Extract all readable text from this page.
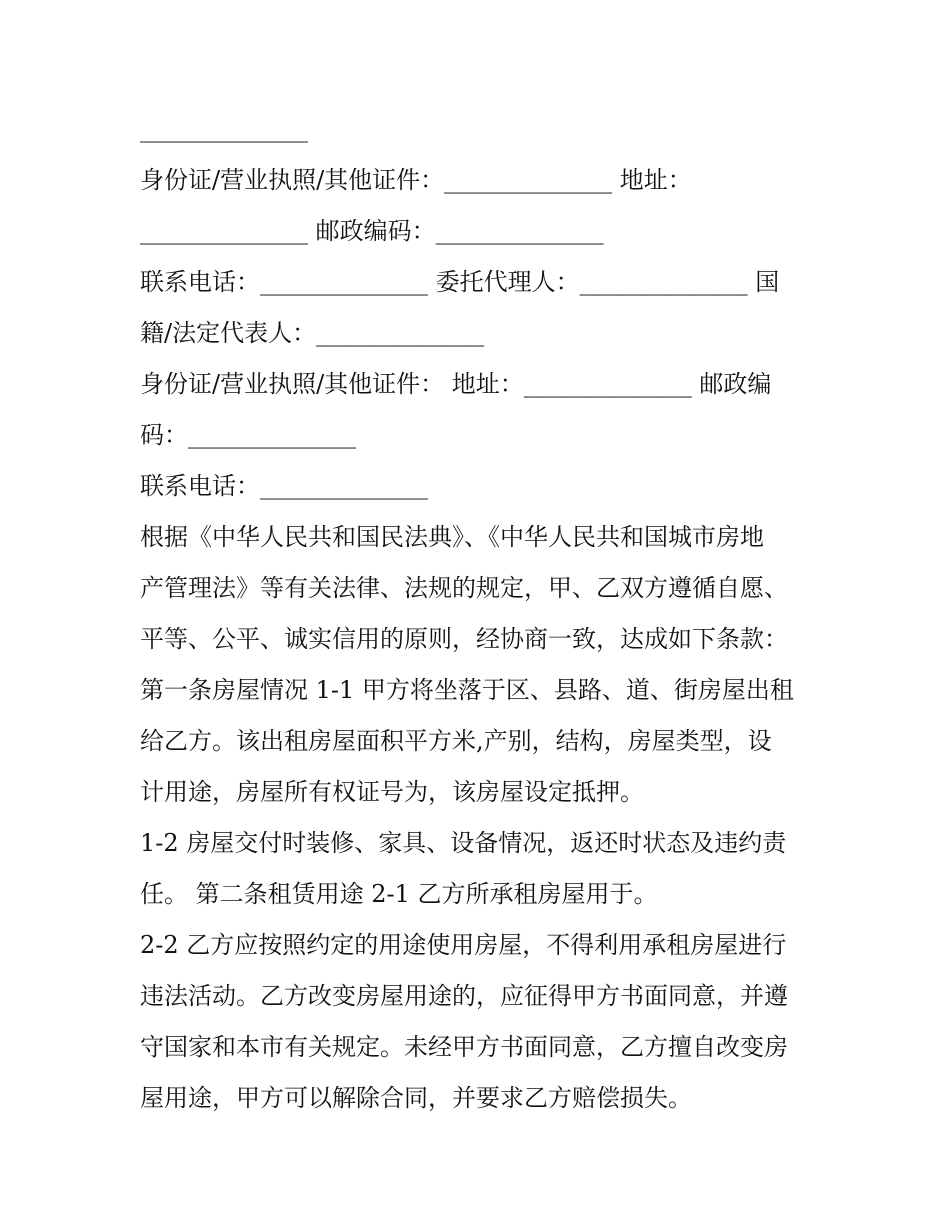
______________
身份证/营业执照/其他证件：______________ 地址：
______________ 邮政编码：______________
联系电话：______________ 委托代理人：______________ 国
籍/法定代表人：______________
身份证/营业执照/其他证件： 地址：______________ 邮政编
码：______________
联系电话：______________
根据《中华人民共和国民法典》、《中华人民共和国城市房地
产管理法》等有关法律、法规的规定，甲、乙双方遵循自愿、
平等、公平、诚实信用的原则，经协商一致，达成如下条款：
第一条房屋情况 1-1 甲方将坐落于区、县路、道、街房屋出租
给乙方。该出租房屋面积平方米,产别，结构，房屋类型，设
计用途，房屋所有权证号为，该房屋设定抵押。
1-2 房屋交付时装修、家具、设备情况，返还时状态及违约责
任。 第二条租赁用途 2-1 乙方所承租房屋用于。
2-2 乙方应按照约定的用途使用房屋，不得利用承租房屋进行
违法活动。乙方改变房屋用途的，应征得甲方书面同意，并遵
守国家和本市有关规定。未经甲方书面同意，乙方擅自改变房
屋用途，甲方可以解除合同，并要求乙方赔偿损失。
